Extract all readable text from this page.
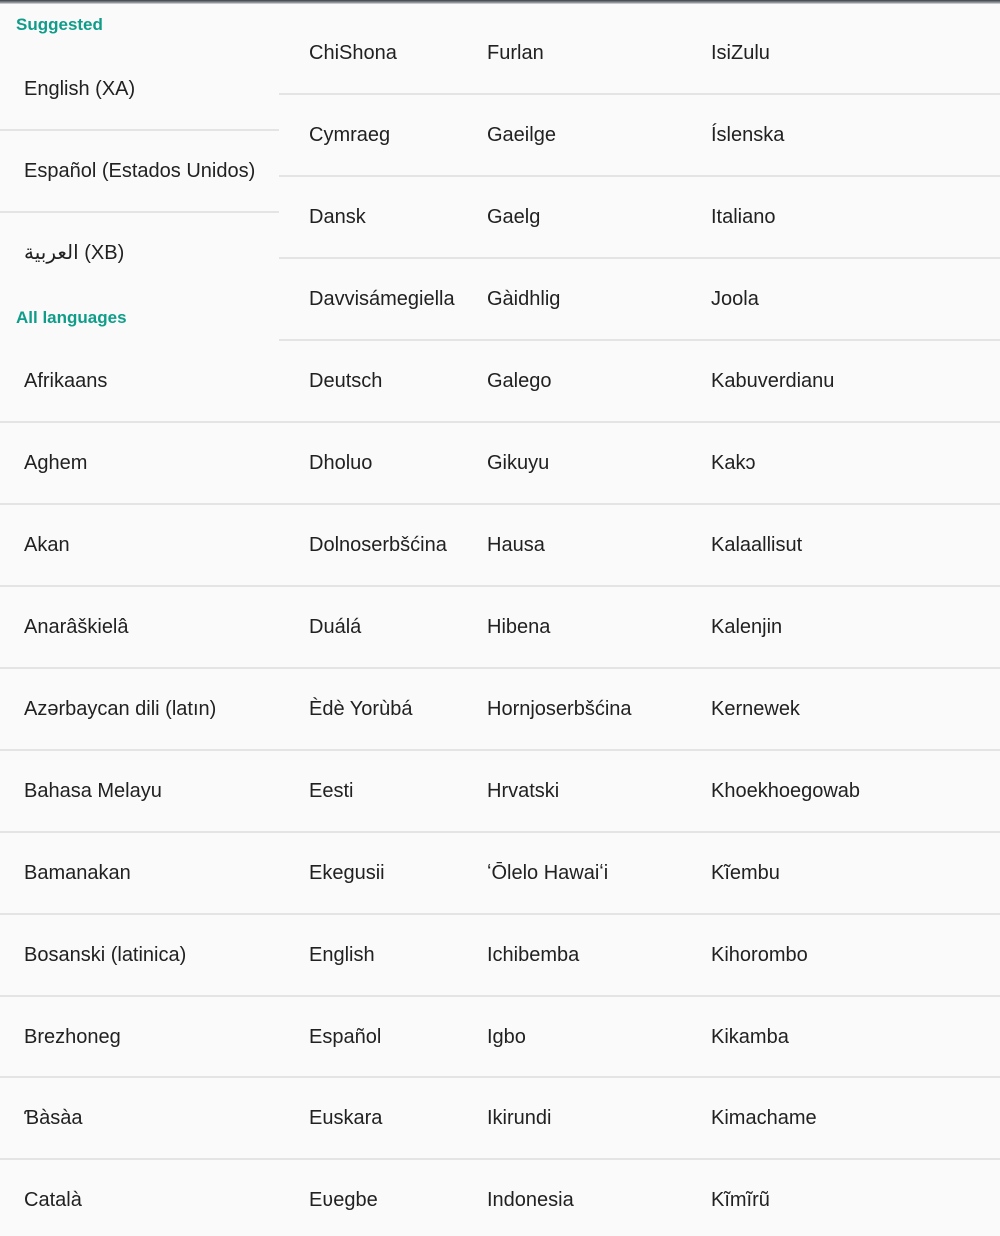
Suggested
All languages
English (XA)
Español (Estados Unidos)
العربية (XB)
Afrikaans
Aghem
Akan
Anarâškielâ
Azərbaycan dili (latın)
Bahasa Melayu
Bamanakan
Bosanski (latinica)
Brezhoneg
Ɓàsàa
Català
ChiShona
Cymraeg
Dansk
Davvisámegiella
Deutsch
Dholuo
Dolnoserbšćina
Duálá
Èdè Yorùbá
Eesti
Ekegusii
English
Español
Euskara
Eʋegbe
Furlan
Gaeilge
Gaelg
Gàidhlig
Galego
Gikuyu
Hausa
Hibena
Hornjoserbšćina
Hrvatski
ʻŌlelo Hawaiʻi
Ichibemba
Igbo
Ikirundi
Indonesia
IsiZulu
Íslenska
Italiano
Joola
Kabuverdianu
Kakɔ
Kalaallisut
Kalenjin
Kernewek
Khoekhoegowab
Kĩembu
Kihorombo
Kikamba
Kimachame
Kĩmĩrũ
